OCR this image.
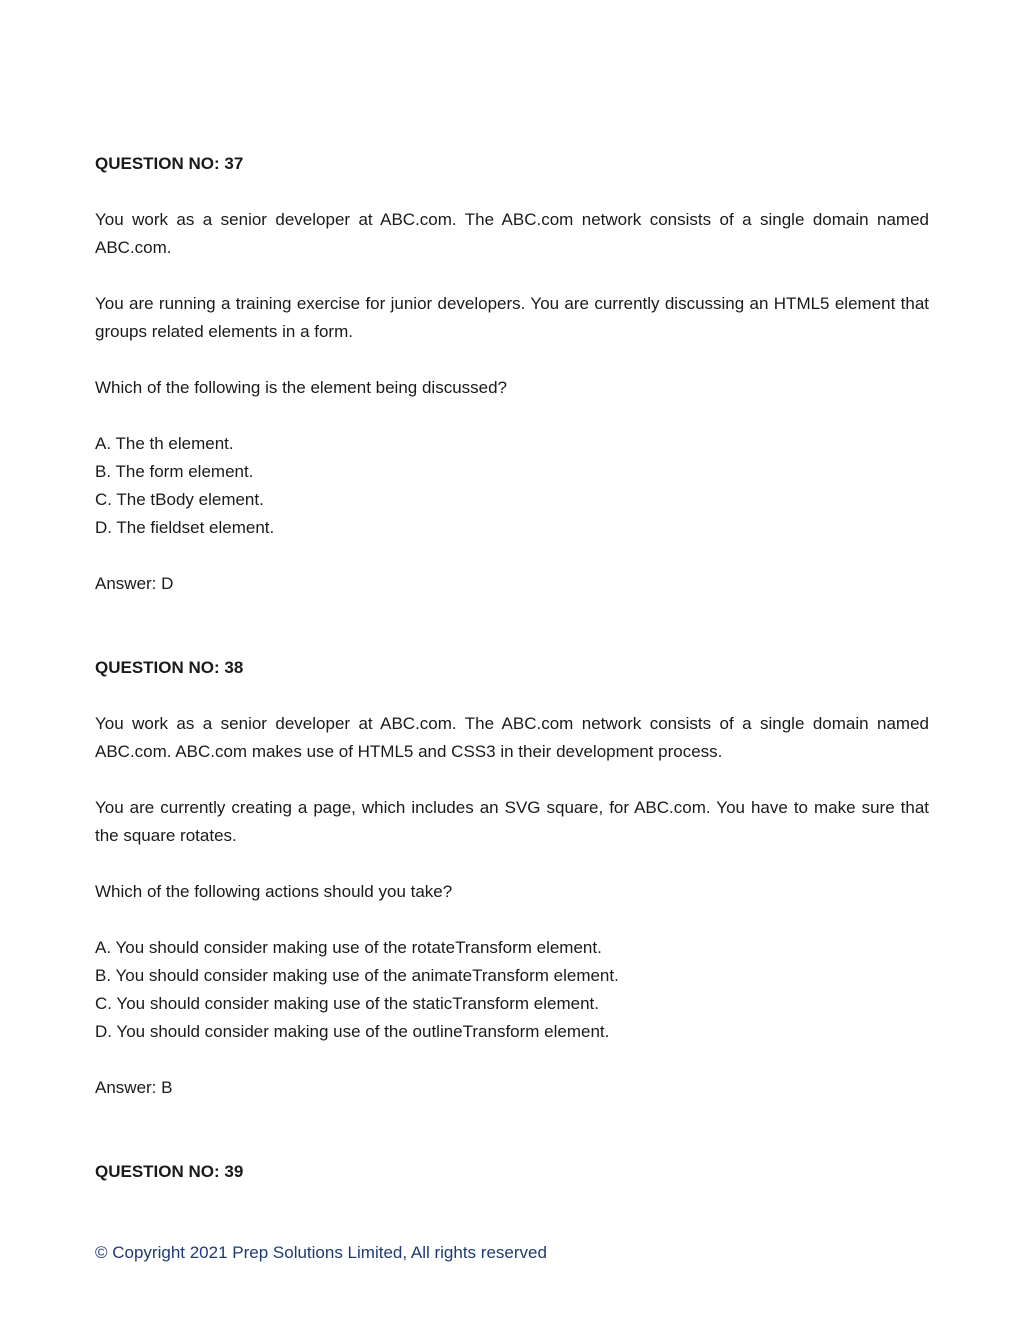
QUESTION NO: 37

You work as a senior developer at ABC.com. The ABC.com network consists of a single domain named ABC.com.

You are running a training exercise for junior developers. You are currently discussing an HTML5 element that groups related elements in a form.

Which of the following is the element being discussed?

A. The th element.
B. The form element.
C. The tBody element.
D. The fieldset element.
Answer: D
QUESTION NO: 38

You work as a senior developer at ABC.com. The ABC.com network consists of a single domain named ABC.com. ABC.com makes use of HTML5 and CSS3 in their development process.

You are currently creating a page, which includes an SVG square, for ABC.com. You have to make sure that the square rotates.

Which of the following actions should you take?

A. You should consider making use of the rotateTransform element.
B. You should consider making use of the animateTransform element.
C. You should consider making use of the staticTransform element.
D. You should consider making use of the outlineTransform element.
Answer: B
QUESTION NO: 39
© Copyright 2021 Prep Solutions Limited, All rights reserved
